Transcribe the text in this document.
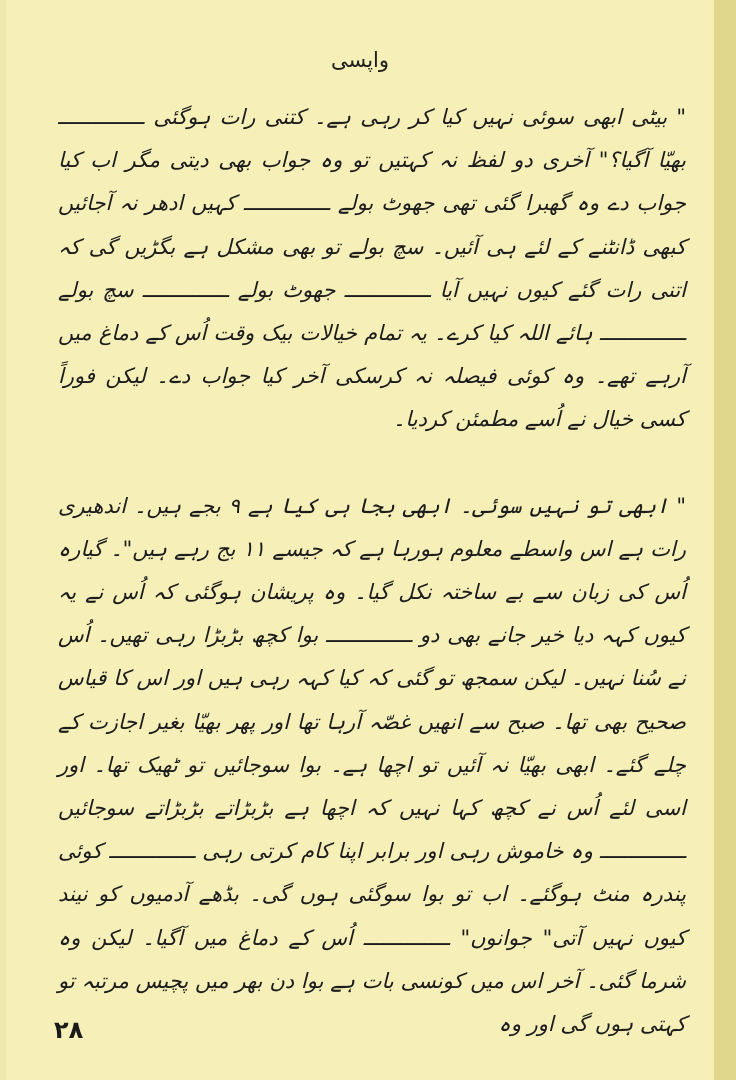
واپسی

" بیٹی ابھی سوئی نہیں کیا کر رہی ہے۔ کتنی رات ہوگئی ــــــــــــــ بھیّا آگیا؟" آخری دو لفظ نہ کہتیں تو وہ جواب بھی دیتی مگر اب کیا جواب دے وہ گھبرا گئی تھی جھوٹ بولے ــــــــــــــ کہیں ادھر نہ آجائیں کبھی ڈانٹنے کے لئے ہی آئیں۔ سچ بولے تو بھی مشکل ہے بگڑیں گی کہ اتنی رات گئے کیوں نہیں آیا ــــــــــــــ جھوٹ بولے ــــــــــــــ سچ بولے ــــــــــــــ ہائے اللہ کیا کرے۔ یہ تمام خیالات بیک وقت اُس کے دماغ میں آرہے تھے۔ وہ کوئی فیصلہ نہ کرسکی آخر کیا جواب دے۔ لیکن فوراً کسی خیال نے اُسے مطمئن کردیا۔

" ابھی تو نہیں سوئی۔ ابھی بجا ہی کیا ہے ۹ بجے ہیں۔ اندھیری رات ہے اس واسطے معلوم ہورہا ہے کہ جیسے ۱۱ بج رہے ہیں"۔ گیارہ اُس کی زبان سے بے ساختہ نکل گیا۔ وہ پریشان ہوگئی کہ اُس نے یہ کیوں کہہ دیا خیر جانے بھی دو ــــــــــــــ بوا کچھ بڑبڑا رہی تھیں۔ اُس نے سُنا نہیں۔ لیکن سمجھ تو گئی کہ کیا کہہ رہی ہیں اور اس کا قیاس صحیح بھی تھا۔ صبح سے انھیں غصّہ آرہا تھا اور پھر بھیّا بغیر اجازت کے چلے گئے۔ ابھی بھیّا نہ آئیں تو اچھا ہے۔ بوا سوجائیں تو ٹھیک تھا۔ اور اسی لئے اُس نے کچھ کہا نہیں کہ اچھا ہے بڑبڑاتے بڑبڑاتے سوجائیں ــــــــــــــ وہ خاموش رہی اور برابر اپنا کام کرتی رہی ــــــــــــــ کوئی پندرہ منٹ ہوگئے۔ اب تو بوا سوگئی ہوں گی۔ بڈھے آدمیوں کو نیند کیوں نہیں آتی" جوانوں" ــــــــــــــ اُس کے دماغ میں آگیا۔ لیکن وہ شرما گئی۔ آخر اس میں کونسی بات ہے بوا دن بھر میں پچیس مرتبہ تو کہتی ہوں گی اور وہ

۲۸
